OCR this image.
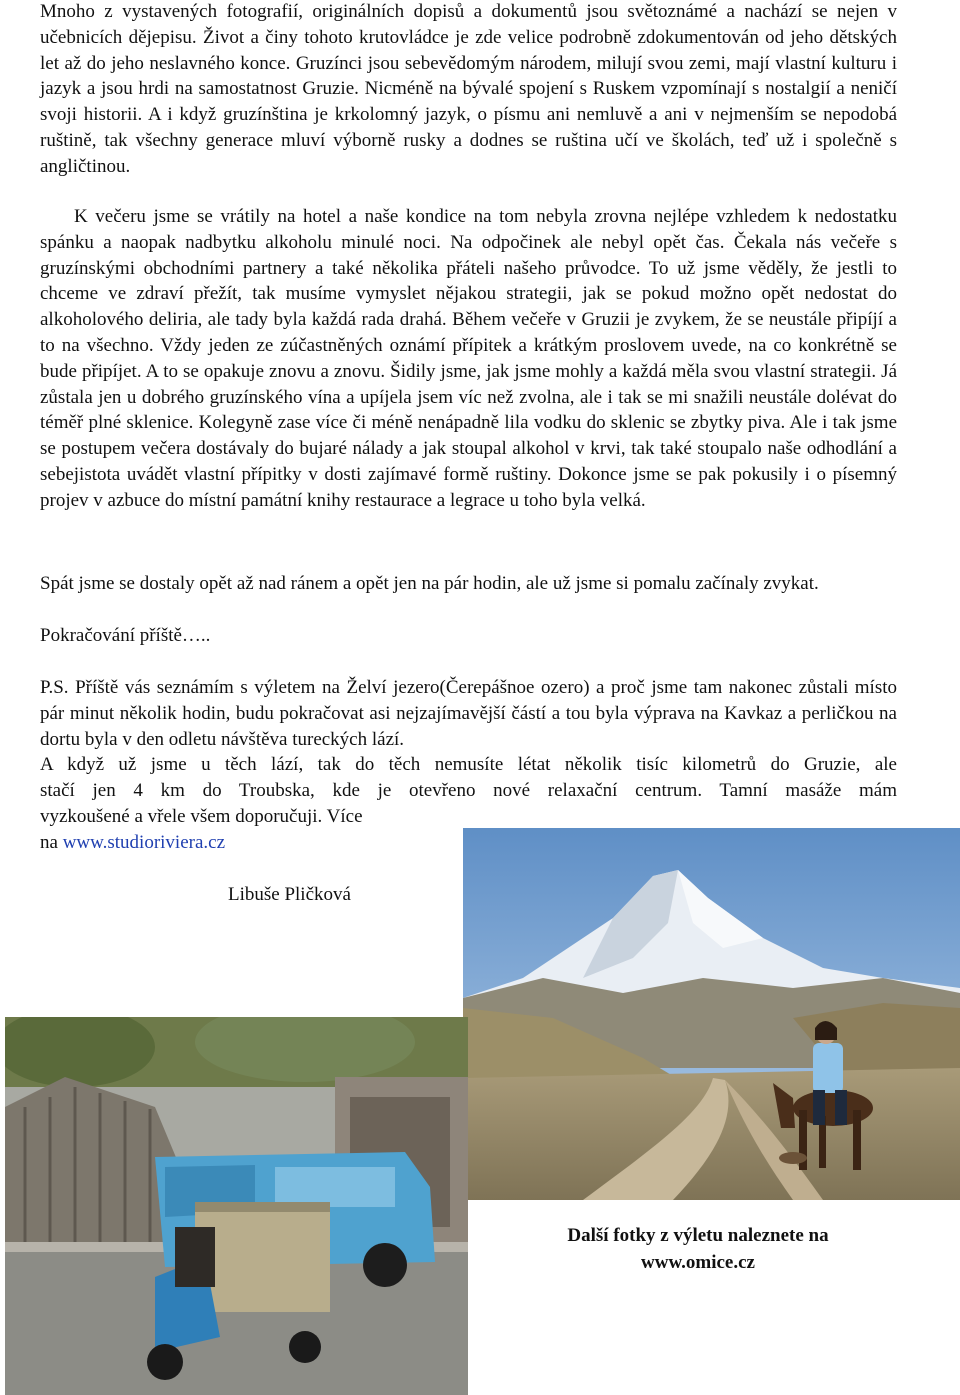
Mnoho z vystavených fotografií, originálních dopisů a dokumentů jsou světoznámé a nachází se nejen v učebnicích dějepisu. Život a činy tohoto krutovládce je zde velice podrobně zdokumentován od jeho dětských let až do jeho neslavného konce. Gruzínci jsou sebevědomým národem, milují svou zemi, mají vlastní kulturu i jazyk a jsou hrdi na samostatnost Gruzie. Nicméně na bývalé spojení s Ruskem vzpomínají s nostalgií a neničí svoji historii. A i když gruzínština je krkolomný jazyk, o písmu ani nemluvě a ani v nejmenším se nepodobá ruštině, tak všechny generace mluví výborně rusky a dodnes se ruština učí ve školách, teď už i společně s angličtinou.

K večeru jsme se vrátily na hotel a naše kondice na tom nebyla zrovna nejlépe vzhledem k nedostatku spánku a naopak nadbytku alkoholu minulé noci. Na odpočinek ale nebyl opět čas. Čekala nás večeře s gruzínskými obchodními partnery a také několika přáteli našeho průvodce. To už jsme věděly, že jestli to chceme ve zdraví přežít, tak musíme vymyslet nějakou strategii, jak se pokud možno opět nedostat do alkoholového deliria, ale tady byla každá rada drahá. Během večeře v Gruzii je zvykem, že se neustále připíjí a to na všechno. Vždy jeden ze zúčastněných oznámí přípitek a krátkým proslovem uvede, na co konkrétně se bude připíjet. A to se opakuje znovu a znovu. Šidily jsme, jak jsme mohly a každá měla svou vlastní strategii. Já zůstala jen u dobrého gruzínského vína a upíjela jsem víc než zvolna, ale i tak se mi snažili neustále dolévat do téměř plné sklenice. Kolegyně zase více či méně nenápadně lila vodku do sklenic se zbytky piva. Ale i tak jsme se postupem večera dostávaly do bujaré nálady a jak stoupal alkohol v krvi, tak také stoupalo naše odhodlání a sebejistota uvádět vlastní přípitky v dosti zajímavé formě ruštiny. Dokonce jsme se pak pokusily i o písemný projev v azbuce do místní památní knihy restaurace a legrace u toho byla velká.

Spát jsme se dostaly opět až nad ránem a opět jen na pár hodin, ale už jsme si pomalu začínaly zvykat.

Pokračování příště…..

P.S. Příště vás seznámím s výletem na Želví jezero(Čerepášnoe ozero) a proč jsme tam nakonec zůstali místo pár minut několik hodin, budu pokračovat asi nejzajímavější částí a tou byla výprava na Kavkaz a perličkou na dortu byla v den odletu návštěva tureckých lází.

A když už jsme u těch lází, tak do těch nemusíte létat několik tisíc kilometrů do Gruzie, ale

stačí jen 4 km do Troubska, kde je otevřeno nové relaxační centrum. Tamní masáže mám

vyzkoušené a vřele všem doporučuji. Více

na www.studioriviera.cz

Libuše Pličková

Další fotky z výletu naleznete na
www.omice.cz
